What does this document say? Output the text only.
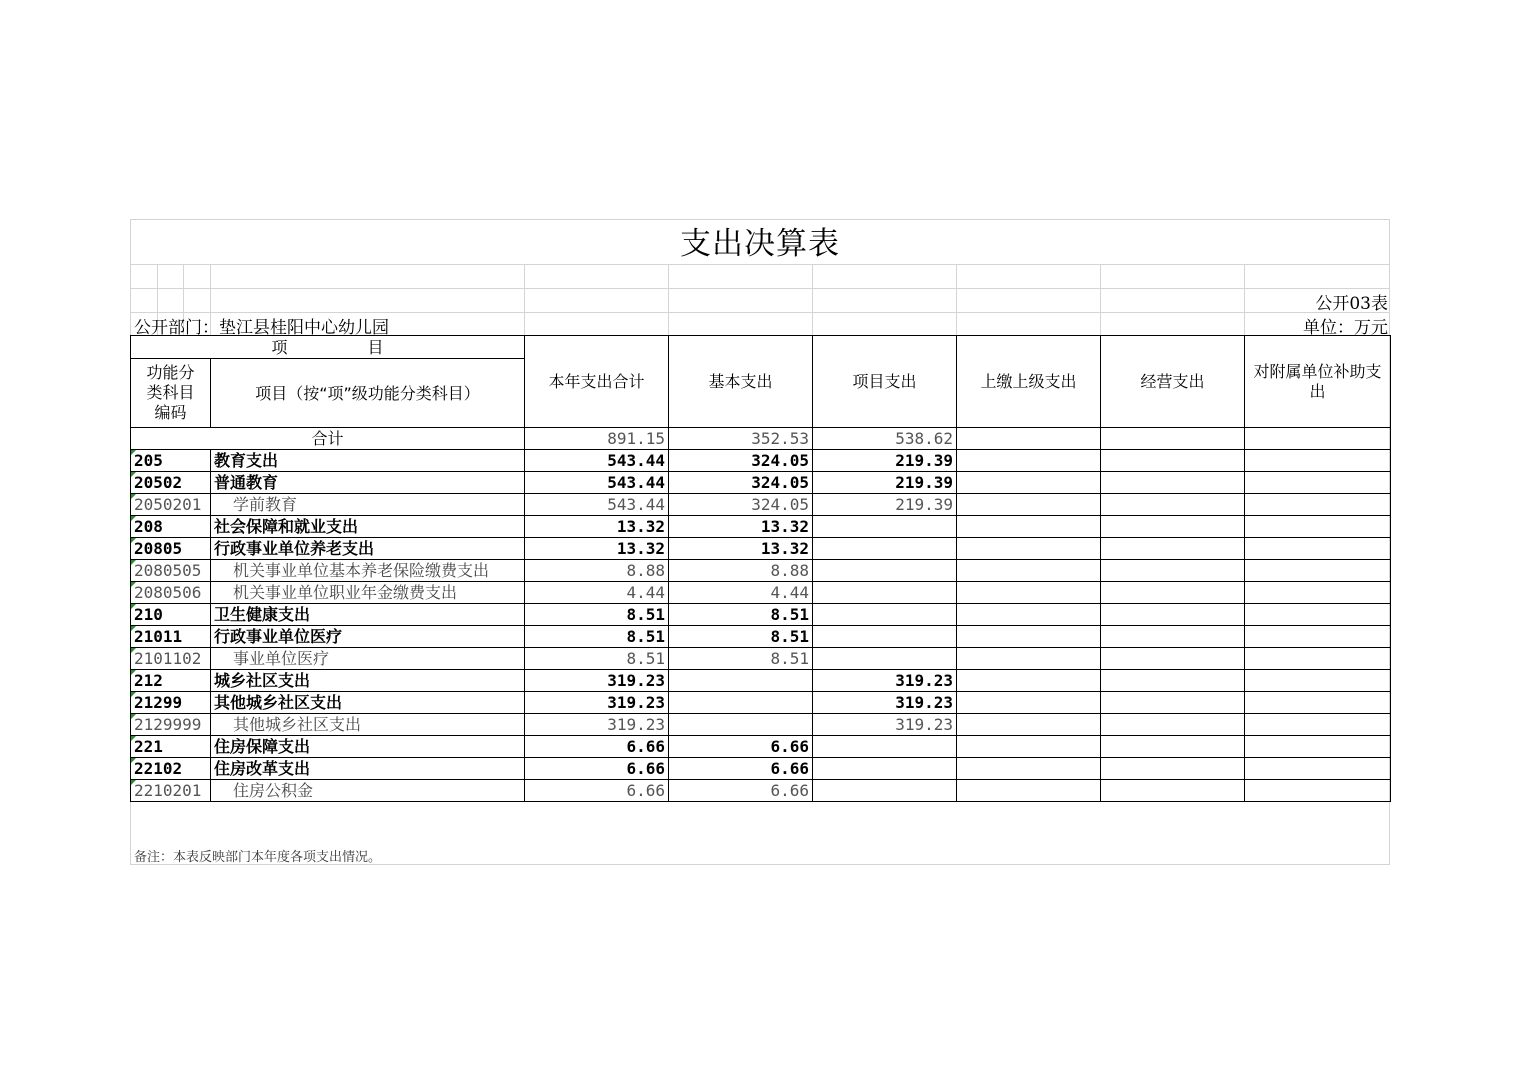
支出决算表
公开03表
公开部门：垫江县桂阳中心幼儿园	单位：万元
项　　　　　目		本年支出合计	基本支出	项目支出	上缴上级支出	经营支出	对附属单位补助支出
功能分类科目编码	项目（按“项”级功能分类科目）						
合计		891.15	352.53	538.62			

205	教育支出	543.44	324.05	219.39			

20502	普通教育	543.44	324.05	219.39			

2050201	学前教育	543.44	324.05	219.39			

208	社会保障和就业支出	13.32	13.32				

20805	行政事业单位养老支出	13.32	13.32				

2080505	机关事业单位基本养老保险缴费支出	8.88	8.88				

2080506	机关事业单位职业年金缴费支出	4.44	4.44				

210	卫生健康支出	8.51	8.51				

21011	行政事业单位医疗	8.51	8.51				

2101102	事业单位医疗	8.51	8.51				

212	城乡社区支出	319.23		319.23			

21299	其他城乡社区支出	319.23		319.23			

2129999	其他城乡社区支出	319.23		319.23			

221	住房保障支出	6.66	6.66				

22102	住房改革支出	6.66	6.66				

2210201	住房公积金	6.66	6.66				
备注：本表反映部门本年度各项支出情况。
